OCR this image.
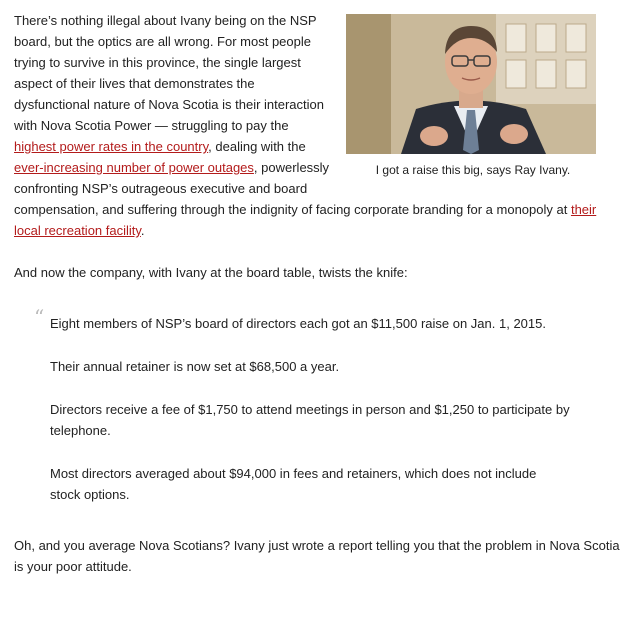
I got a raise this big, says Ray Ivany.

There’s nothing illegal about Ivany being on the NSP board, but the optics are all wrong. For most people trying to survive in this province, the single largest aspect of their lives that demonstrates the dysfunctional nature of Nova Scotia is their interaction with Nova Scotia Power — struggling to pay the highest power rates in the country, dealing with the ever-increasing number of power outages, powerlessly confronting NSP’s outrageous executive and board compensation, and suffering through the indignity of facing corporate branding for a monopoly at their local recreation facility.

And now the company, with Ivany at the board table, twists the knife:

“ Eight members of NSP’s board of directors each got an $11,500 raise on Jan. 1, 2015.

Their annual retainer is now set at $68,500 a year.

Directors receive a fee of $1,750 to attend meetings in person and $1,250 to participate by telephone.

Most directors averaged about $94,000 in fees and retainers, which does not include stock options.

Oh, and you average Nova Scotians? Ivany just wrote a report telling you that the problem in Nova Scotia is your poor attitude.
